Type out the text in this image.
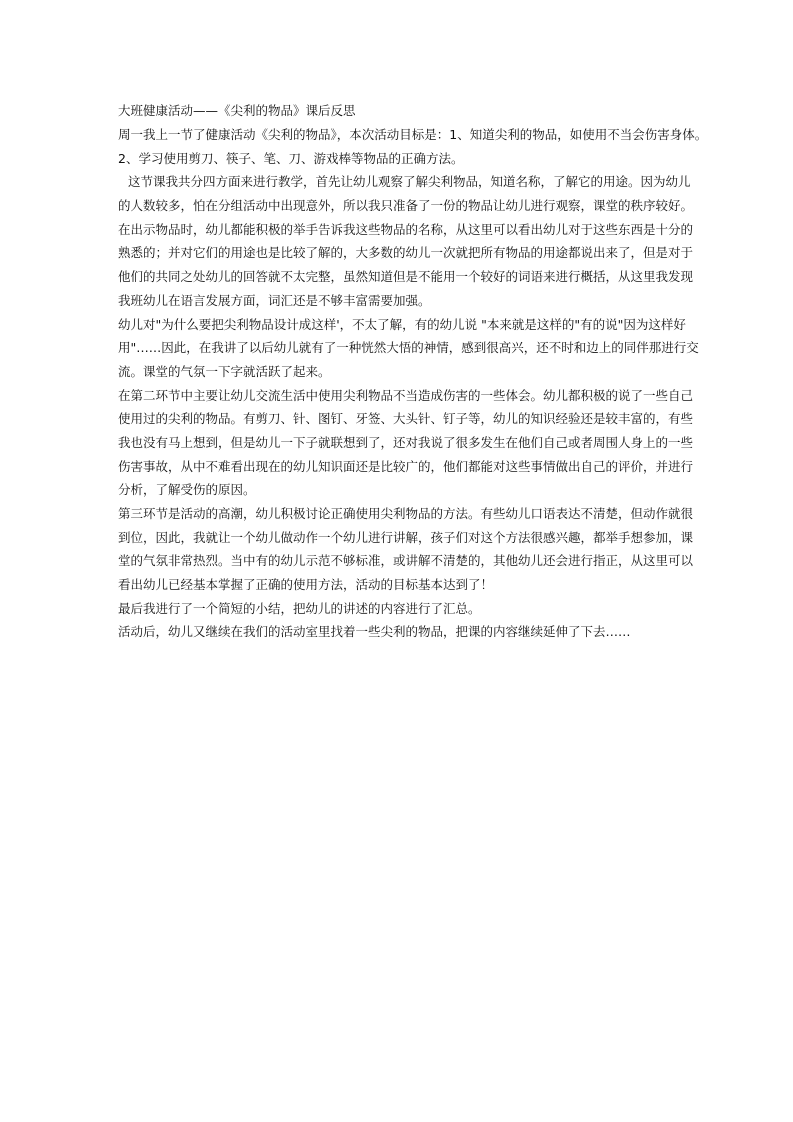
大班健康活动——《尖利的物品》课后反思
周一我上一节了健康活动《尖利的物品》，本次活动目标是：1、知道尖利的物品，如使用不当会伤害身体。
2、学习使用剪刀、筷子、笔、刀、游戏棒等物品的正确方法。
这节课我共分四方面来进行教学，首先让幼儿观察了解尖利物品，知道名称，了解它的用途。因为幼儿
的人数较多，怕在分组活动中出现意外，所以我只准备了一份的物品让幼儿进行观察，课堂的秩序较好。
在出示物品时，幼儿都能积极的举手告诉我这些物品的名称，从这里可以看出幼儿对于这些东西是十分的
熟悉的；并对它们的用途也是比较了解的，大多数的幼儿一次就把所有物品的用途都说出来了，但是对于
他们的共同之处幼儿的回答就不太完整，虽然知道但是不能用一个较好的词语来进行概括，从这里我发现
我班幼儿在语言发展方面，词汇还是不够丰富需要加强。
幼儿对"为什么要把尖利物品设计成这样'，不太了解，有的幼儿说 "本来就是这样的"有的说"因为这样好
用"……因此，在我讲了以后幼儿就有了一种恍然大悟的神情，感到很高兴，还不时和边上的同伴那进行交
流。课堂的气氛一下字就活跃了起来。
在第二环节中主要让幼儿交流生活中使用尖利物品不当造成伤害的一些体会。幼儿都积极的说了一些自己
使用过的尖利的物品。有剪刀、针、图钉、牙签、大头针、钉子等，幼儿的知识经验还是较丰富的，有些
我也没有马上想到，但是幼儿一下子就联想到了，还对我说了很多发生在他们自己或者周围人身上的一些
伤害事故，从中不难看出现在的幼儿知识面还是比较广的，他们都能对这些事情做出自己的评价，并进行
分析，了解受伤的原因。
第三环节是活动的高潮，幼儿积极讨论正确使用尖利物品的方法。有些幼儿口语表达不清楚，但动作就很
到位，因此，我就让一个幼儿做动作一个幼儿进行讲解，孩子们对这个方法很感兴趣，都举手想参加，课
堂的气氛非常热烈。当中有的幼儿示范不够标准，或讲解不清楚的，其他幼儿还会进行指正，从这里可以
看出幼儿已经基本掌握了正确的使用方法，活动的目标基本达到了！
最后我进行了一个简短的小结，把幼儿的讲述的内容进行了汇总。
活动后，幼儿又继续在我们的活动室里找着一些尖利的物品，把课的内容继续延伸了下去……
